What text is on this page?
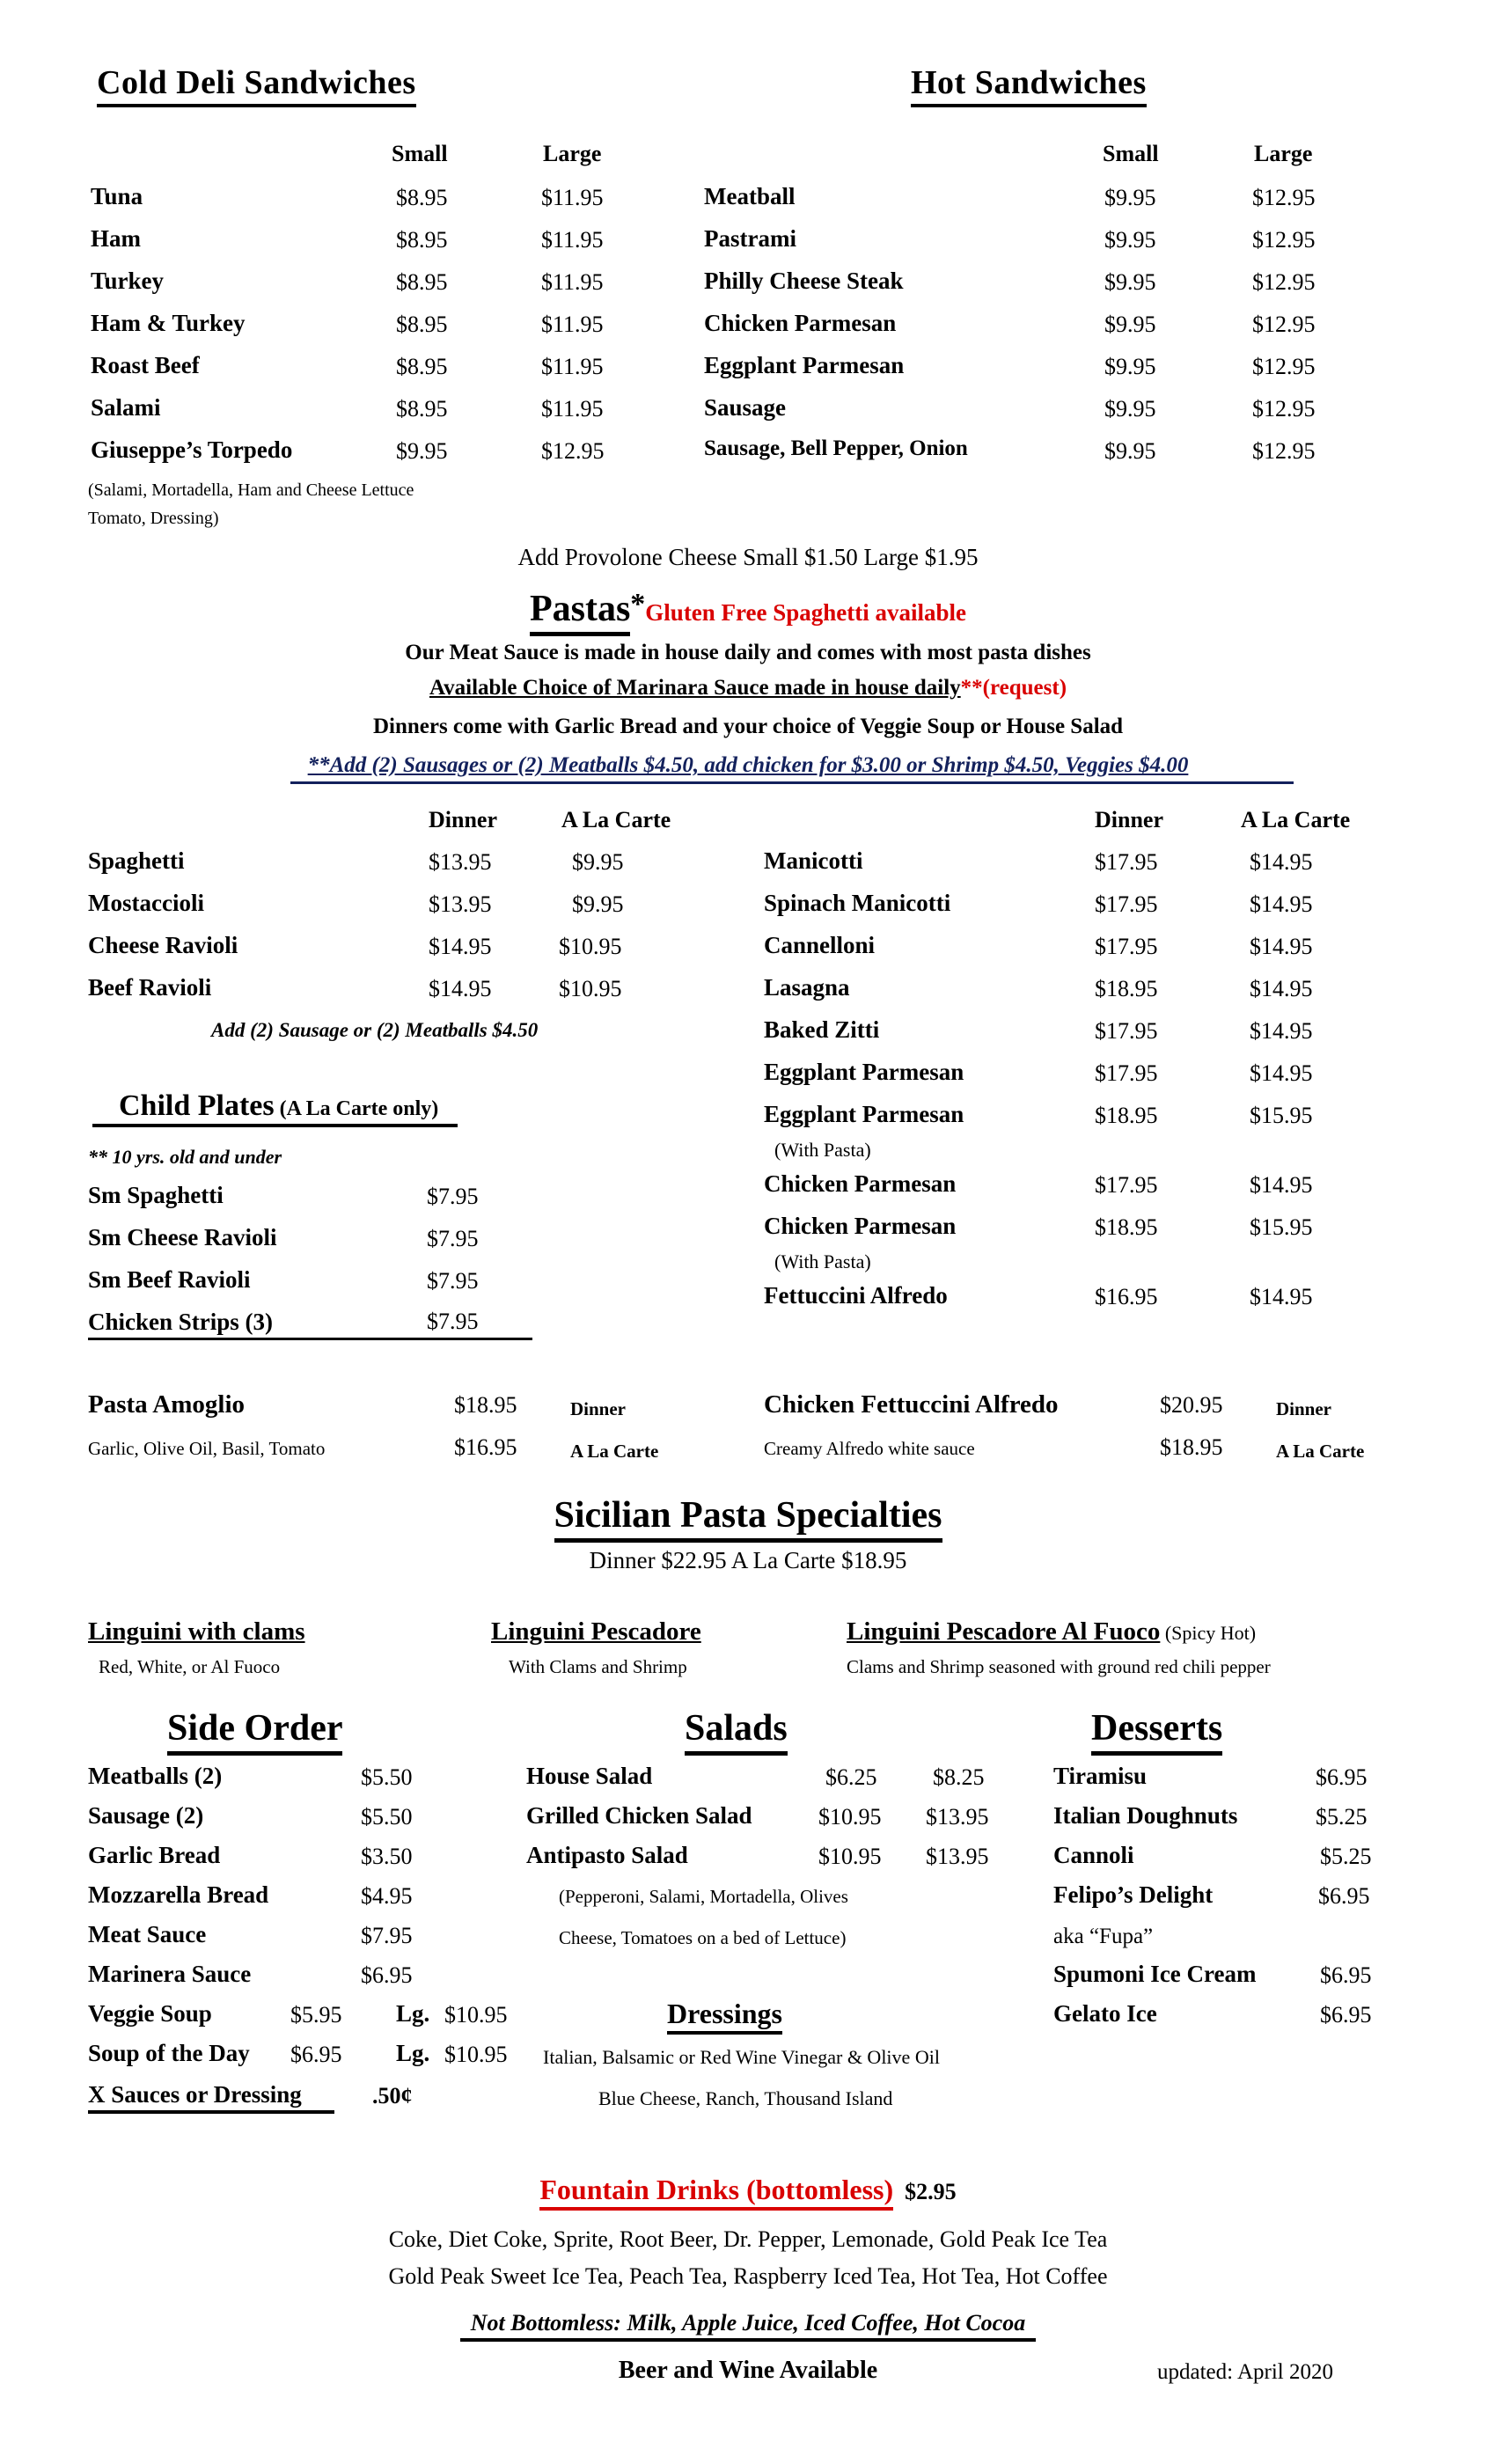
Cold Deli Sandwiches
Small	Large
Tuna	$8.95	$11.95
Ham	$8.95	$11.95
Turkey	$8.95	$11.95
Ham & Turkey	$8.95	$11.95
Roast Beef	$8.95	$11.95
Salami	$8.95	$11.95
Giuseppe’s Torpedo	$9.95	$12.95
(Salami, Mortadella, Ham and Cheese Lettuce
Tomato, Dressing)
Hot Sandwiches
Small	Large
Meatball	$9.95	$12.95
Pastrami	$9.95	$12.95
Philly Cheese Steak	$9.95	$12.95
Chicken Parmesan	$9.95	$12.95
Eggplant Parmesan	$9.95	$12.95
Sausage	$9.95	$12.95
Sausage, Bell Pepper, Onion	$9.95	$12.95
Add Provolone Cheese Small $1.50 Large $1.95
Pastas*Gluten Free Spaghetti available
Our Meat Sauce is made in house daily and comes with most pasta dishes
Available Choice of Marinara Sauce made in house daily**(request)
Dinners come with Garlic Bread and your choice of Veggie Soup or House Salad
**Add (2) Sausages or (2) Meatballs $4.50, add chicken for $3.00 or Shrimp $4.50, Veggies $4.00
Dinner	A La Carte
Spaghetti	$13.95	$9.95
Mostaccioli	$13.95	$9.95
Cheese Ravioli	$14.95	$10.95
Beef Ravioli	$14.95	$10.95
Add (2) Sausage or (2) Meatballs $4.50
Child Plates (A La Carte only)
** 10 yrs. old and under
Sm Spaghetti	$7.95
Sm Cheese Ravioli	$7.95
Sm Beef Ravioli	$7.95
Chicken Strips (3)	$7.95
Dinner	A La Carte
Manicotti	$17.95	$14.95
Spinach Manicotti	$17.95	$14.95
Cannelloni	$17.95	$14.95
Lasagna	$18.95	$14.95
Baked Zitti	$17.95	$14.95
Eggplant Parmesan	$17.95	$14.95
Eggplant Parmesan	$18.95	$15.95
(With Pasta)
Chicken Parmesan	$17.95	$14.95
Chicken Parmesan	$18.95	$15.95
(With Pasta)
Fettuccini Alfredo	$16.95	$14.95
Pasta Amoglio	$18.95	Dinner
Garlic, Olive Oil, Basil, Tomato	$16.95	A La Carte
Chicken Fettuccini Alfredo	$20.95	Dinner
Creamy Alfredo white sauce	$18.95	A La Carte
Sicilian Pasta Specialties
Dinner $22.95 A La Carte $18.95
Linguini with clams
Red, White, or Al Fuoco
Linguini Pescadore
With Clams and Shrimp
Linguini Pescadore Al Fuoco (Spicy Hot)
Clams and Shrimp seasoned with ground red chili pepper
Side Order
Meatballs (2)	$5.50
Sausage (2)	$5.50
Garlic Bread	$3.50
Mozzarella Bread	$4.95
Meat Sauce	$7.95
Marinera Sauce	$6.95
Veggie Soup	$5.95 Lg. $10.95
Soup of the Day $6.95 Lg. $10.95
X Sauces or Dressing	.50¢
Salads
House Salad	$6.25 $8.25
Grilled Chicken Salad	$10.95 $13.95
Antipasto Salad	$10.95 $13.95
(Pepperoni, Salami, Mortadella, Olives
Cheese, Tomatoes on a bed of Lettuce)
Dressings
Italian, Balsamic or Red Wine Vinegar & Olive Oil
Blue Cheese, Ranch, Thousand Island
Desserts
Tiramisu	$6.95
Italian Doughnuts	$5.25
Cannoli	$5.25
Felipo’s Delight	$6.95
aka “Fupa”
Spumoni Ice Cream	$6.95
Gelato Ice	$6.95
Fountain Drinks (bottomless) $2.95
Coke, Diet Coke, Sprite, Root Beer, Dr. Pepper, Lemonade, Gold Peak Ice Tea
Gold Peak Sweet Ice Tea, Peach Tea, Raspberry Iced Tea, Hot Tea, Hot Coffee
Not Bottomless: Milk, Apple Juice, Iced Coffee, Hot Cocoa
Beer and Wine Available	updated: April 2020
